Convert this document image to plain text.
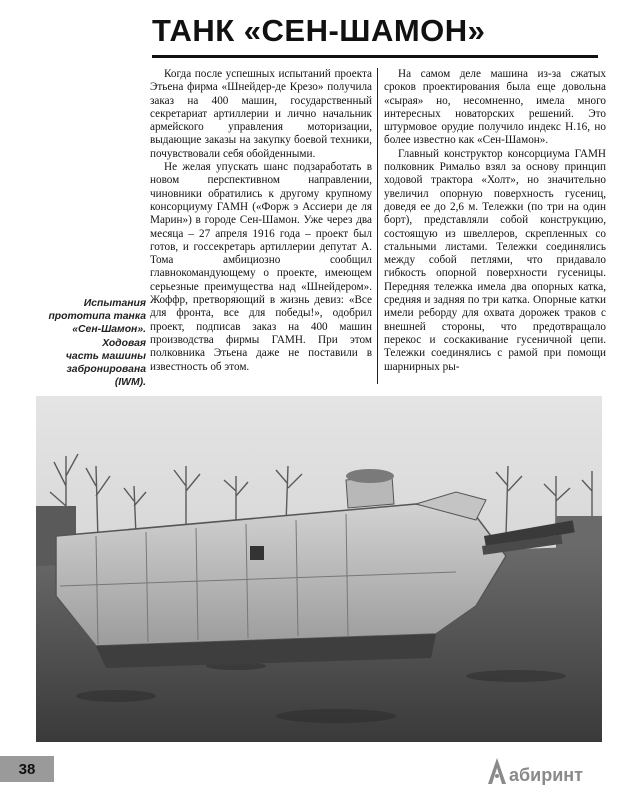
ТАНК «СЕН-ШАМОН»

Когда после успешных испытаний проекта Этьена фирма «Шнейдер-де Крезо» получила заказ на 400 машин, государственный секретариат артиллерии и лично начальник армейского управления моторизации, выдающие заказы на закупку боевой техники, почувствовали себя обойденными.

Не желая упускать шанс подзаработать в новом перспективном направлении, чиновники обратились к другому крупному консорциуму ГАМН («Форж э Ассиери де ля Марин») в городе Сен-Шамон. Уже через два месяца – 27 апреля 1916 года – проект был готов, и госсекретарь артиллерии депутат А. Тома амбициозно сообщил главнокомандующему о проекте, имеющем серьезные преимущества над «Шнейдером». Жоффр, претворяющий в жизнь девиз: «Все для фронта, все для победы!», одобрил проект, подписав заказ на 400 машин производства фирмы ГАМН. При этом полковника Этьена даже не поставили в известность об этом.

На самом деле машина из-за сжатых сроков проектирования была еще довольна «сырая» но, несомненно, имела много интересных новаторских решений. Это штурмовое орудие получило индекс Н.16, но более известно как «Сен-Шамон».

Главный конструктор консорциума ГАМН полковник Римальо взял за основу принцип ходовой трактора «Холт», но значительно увеличил опорную поверхность гусениц, доведя ее до 2,6 м. Тележки (по три на один борт), представляли собой конструкцию, состоящую из швеллеров, скрепленных со стальными листами. Тележки соединялись между собой петлями, что придавало гибкость опорной поверхности гусеницы. Передняя тележка имела два опорных катка, средняя и задняя по три катка. Опорные катки имели реборду для охвата дорожек траков с внешней стороны, что предотвращало перекос и соскакивание гусеничной цепи. Тележки соединялись с рамой при помощи шарнирных ры-

Испытания
прототипа танка
«Сен-Шамон».
Ходовая
часть машины
забронирована
(IWM).
38	абиринт
